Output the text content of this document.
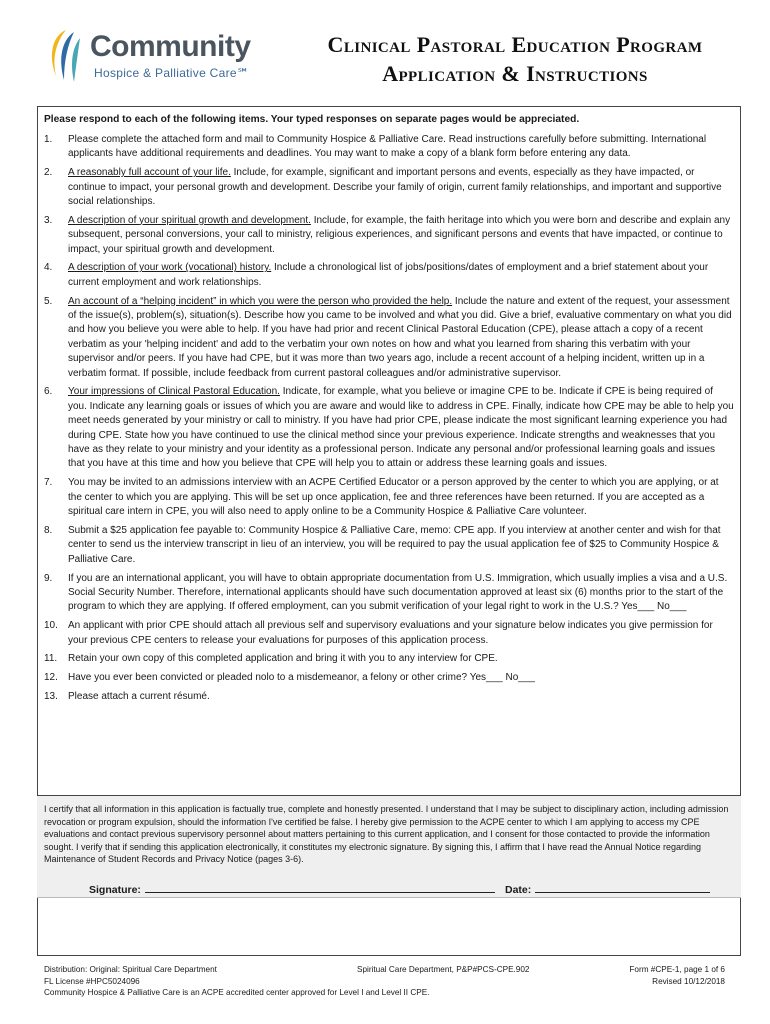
Community
Hospice & Palliative Care℠
Clinical Pastoral Education Program
Application & Instructions
Please respond to each of the following items. Your typed responses on separate pages would be appreciated.
1. Please complete the attached form and mail to Community Hospice & Palliative Care. Read instructions carefully before submitting. International applicants have additional requirements and deadlines. You may want to make a copy of a blank form before entering any data.
2. A reasonably full account of your life. Include, for example, significant and important persons and events, especially as they have impacted, or continue to impact, your personal growth and development. Describe your family of origin, current family relationships, and important and supportive social relationships.
3. A description of your spiritual growth and development. Include, for example, the faith heritage into which you were born and describe and explain any subsequent, personal conversions, your call to ministry, religious experiences, and significant persons and events that have impacted, or continue to impact, your spiritual growth and development.
4. A description of your work (vocational) history. Include a chronological list of jobs/positions/dates of employment and a brief statement about your current employment and work relationships.
5. An account of a “helping incident” in which you were the person who provided the help. Include the nature and extent of the request, your assessment of the issue(s), problem(s), situation(s). Describe how you came to be involved and what you did. Give a brief, evaluative commentary on what you did and how you believe you were able to help. If you have had prior and recent Clinical Pastoral Education (CPE), please attach a copy of a recent verbatim as your 'helping incident' and add to the verbatim your own notes on how and what you learned from sharing this verbatim with your supervisor and/or peers. If you have had CPE, but it was more than two years ago, include a recent account of a helping incident, written up in a verbatim format. If possible, include feedback from current pastoral colleagues and/or administrative supervisor.
6. Your impressions of Clinical Pastoral Education. Indicate, for example, what you believe or imagine CPE to be. Indicate if CPE is being required of you. Indicate any learning goals or issues of which you are aware and would like to address in CPE. Finally, indicate how CPE may be able to help you meet needs generated by your ministry or call to ministry. If you have had prior CPE, please indicate the most significant learning experience you had during CPE. State how you have continued to use the clinical method since your previous experience. Indicate strengths and weaknesses that you have as they relate to your ministry and your identity as a professional person. Indicate any personal and/or professional learning goals and issues that you have at this time and how you believe that CPE will help you to attain or address these learning goals and issues.
7. You may be invited to an admissions interview with an ACPE Certified Educator or a person approved by the center to which you are applying, or at the center to which you are applying. This will be set up once application, fee and three references have been returned. If you are accepted as a spiritual care intern in CPE, you will also need to apply online to be a Community Hospice & Palliative Care volunteer.
8. Submit a $25 application fee payable to: Community Hospice & Palliative Care, memo: CPE app. If you interview at another center and wish for that center to send us the interview transcript in lieu of an interview, you will be required to pay the usual application fee of $25 to Community Hospice & Palliative Care.
9. If you are an international applicant, you will have to obtain appropriate documentation from U.S. Immigration, which usually implies a visa and a U.S. Social Security Number. Therefore, international applicants should have such documentation approved at least six (6) months prior to the start of the program to which they are applying. If offered employment, can you submit verification of your legal right to work in the U.S.? Yes___ No___
10. An applicant with prior CPE should attach all previous self and supervisory evaluations and your signature below indicates you give permission for your previous CPE centers to release your evaluations for purposes of this application process.
11. Retain your own copy of this completed application and bring it with you to any interview for CPE.
12. Have you ever been convicted or pleaded nolo to a misdemeanor, a felony or other crime? Yes___ No___
13. Please attach a current résumé.
I certify that all information in this application is factually true, complete and honestly presented. I understand that I may be subject to disciplinary action, including admission revocation or program expulsion, should the information I've certified be false. I hereby give permission to the ACPE center to which I am applying to access my CPE evaluations and contact previous supervisory personnel about matters pertaining to this current application, and I consent for those contacted to provide the information sought. I verify that if sending this application electronically, it constitutes my electronic signature. By signing this, I affirm that I have read the Annual Notice regarding Maintenance of Student Records and Privacy Notice (pages 3-6).
Signature:	Date:
Distribution: Original: Spiritual Care Department
FL License #HPC5024096
Community Hospice & Palliative Care is an ACPE accredited center approved for Level I and Level II CPE.
Spiritual Care Department, P&P#PCS-CPE.902	Form #CPE-1, page 1 of 6
Revised 10/12/2018
